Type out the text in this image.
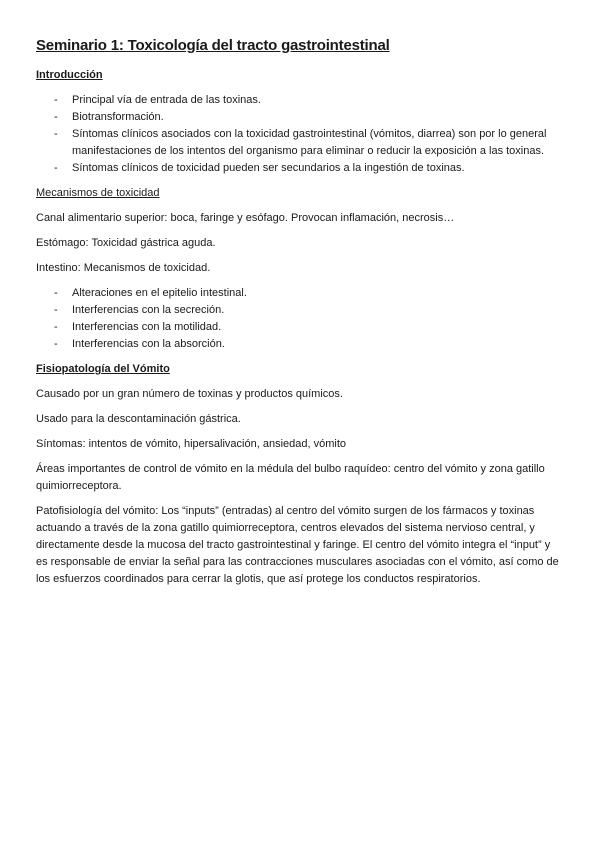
Seminario 1: Toxicología del tracto gastrointestinal
Introducción
- Principal vía de entrada de las toxinas.
- Biotransformación.
- Síntomas clínicos asociados con la toxicidad gastrointestinal (vómitos, diarrea) son por lo general manifestaciones de los intentos del organismo para eliminar o reducir la exposición a las toxinas.
- Síntomas clínicos de toxicidad pueden ser secundarios a la ingestión de toxinas.
Mecanismos de toxicidad

Canal alimentario superior: boca, faringe y esófago. Provocan inflamación, necrosis…

Estómago: Toxicidad gástrica aguda.

Intestino: Mecanismos de toxicidad.

- Alteraciones en el epitelio intestinal.
- Interferencias con la secreción.
- Interferencias con la motilidad.
- Interferencias con la absorción.
Fisiopatología del Vómito

Causado por un gran número de toxinas y productos químicos.

Usado para la descontaminación gástrica.

Síntomas: intentos de vómito, hipersalivación, ansiedad, vómito

Áreas importantes de control de vómito en la médula del bulbo raquídeo: centro del vómito y zona gatillo quimiorreceptora.

Patofisiología del vómito: Los “inputs” (entradas) al centro del vómito surgen de los fármacos y toxinas actuando a través de la zona gatillo quimiorreceptora, centros elevados del sistema nervioso central, y directamente desde la mucosa del tracto gastrointestinal y faringe. El centro del vómito integra el “input” y es responsable de enviar la señal para las contracciones musculares asociadas con el vómito, así como de los esfuerzos coordinados para cerrar la glotis, que así protege los conductos respiratorios.
